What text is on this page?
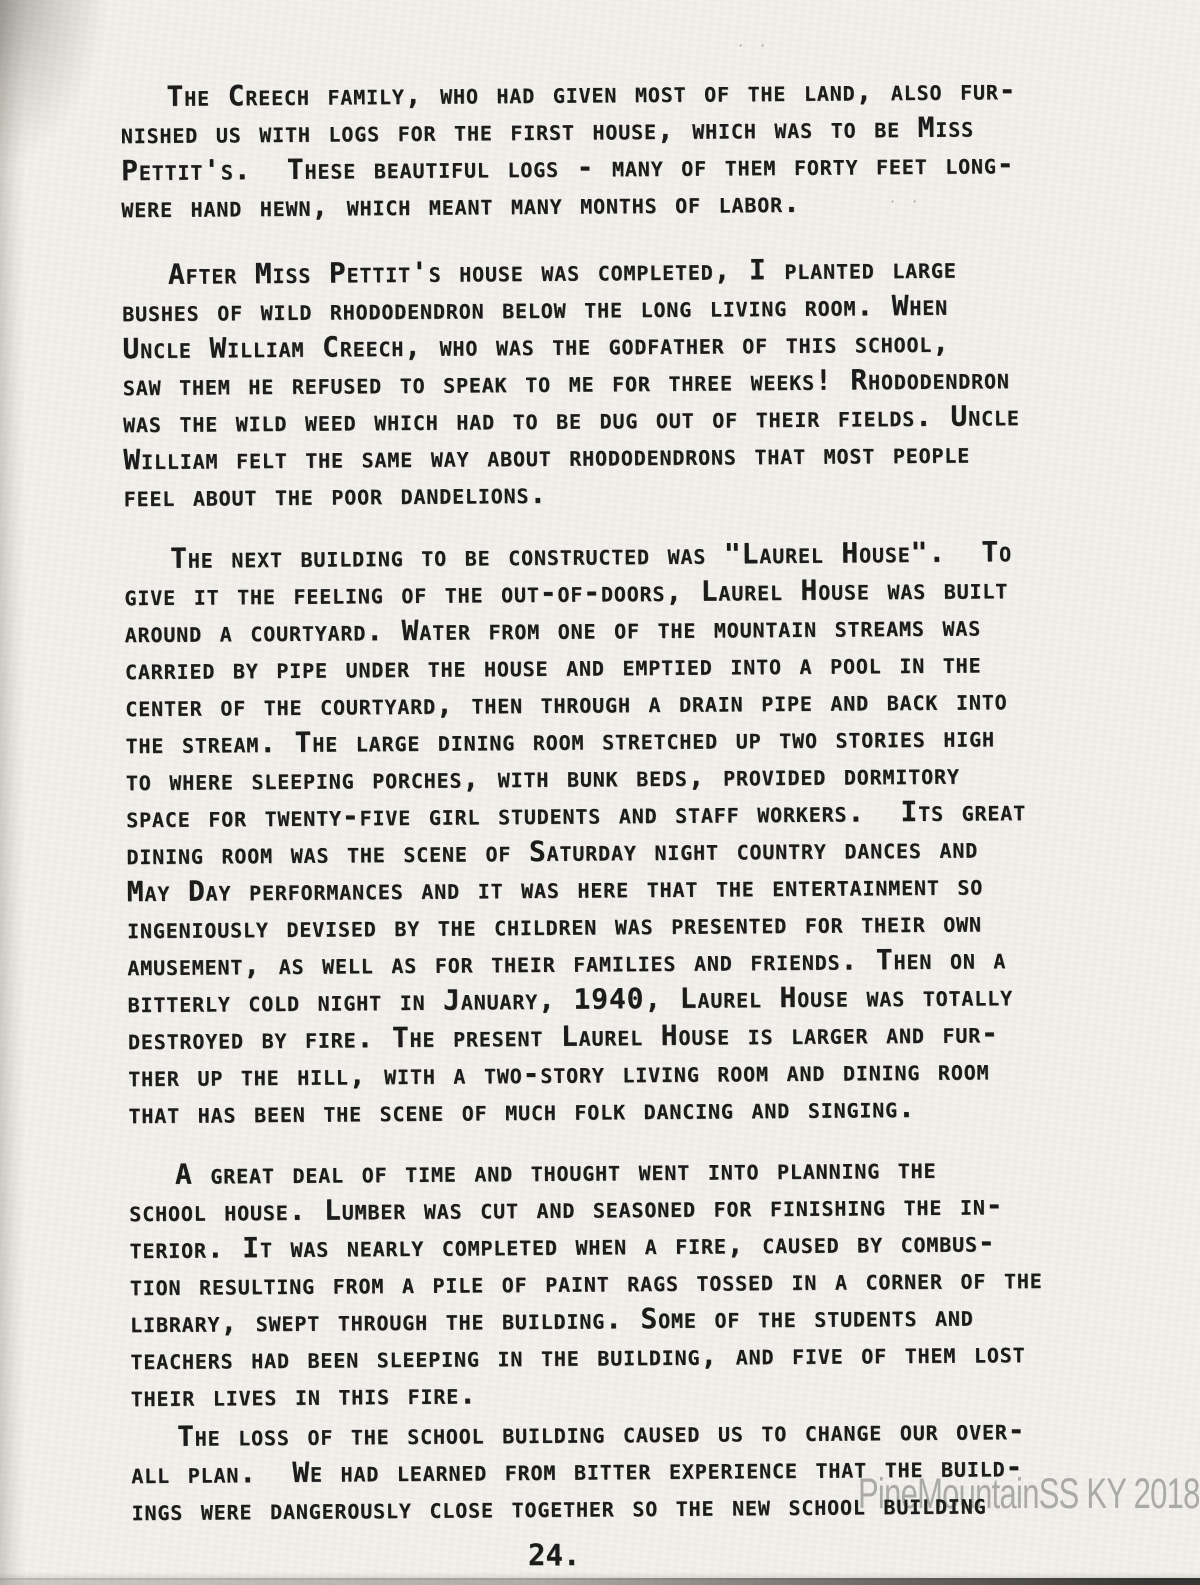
PineMountainSS KY 2018
The Creech family, who had given most of the land, also fur-
nished us with logs for the first house, which was to be Miss
Pettit's.  These beautiful logs - many of them forty feet long-
were hand hewn, which meant many months of labor.
After Miss Pettit's house was completed, I planted large
bushes of wild rhododendron below the long living room. When
Uncle William Creech, who was the godfather of this school,
saw them he refused to speak to me for three weeks! Rhododendron
was the wild weed which had to be dug out of their fields. Uncle
William felt the same way about rhododendrons that most people
feel about the poor dandelions.
The next building to be constructed was "Laurel House".  To
give it the feeling of the out-of-doors, Laurel House was built
around a courtyard. Water from one of the mountain streams was
carried by pipe under the house and emptied into a pool in the
center of the courtyard, then through a drain pipe and back into
the stream. The large dining room stretched up two stories high
to where sleeping porches, with bunk beds, provided dormitory
space for twenty-five girl students and staff workers.  Its great
dining room was the scene of Saturday night country dances and
May Day performances and it was here that the entertainment so
ingeniously devised by the children was presented for their own
amusement, as well as for their families and friends. Then on a
bitterly cold night in January, 1940, Laurel House was totally
destroyed by fire. The present Laurel House is larger and fur-
ther up the hill, with a two-story living room and dining room
that has been the scene of much folk dancing and singing.
A great deal of time and thought went into planning the
school house. Lumber was cut and seasoned for finishing the in-
terior. It was nearly completed when a fire, caused by combus-
tion resulting from a pile of paint rags tossed in a corner of the
library, swept through the building. Some of the students and
teachers had been sleeping in the building, and five of them lost
their lives in this fire.
The loss of the school building caused us to change our over-
all plan.  We had learned from bitter experience that the build-
ings were dangerously close together so the new school building
· ·
· ·
24.
